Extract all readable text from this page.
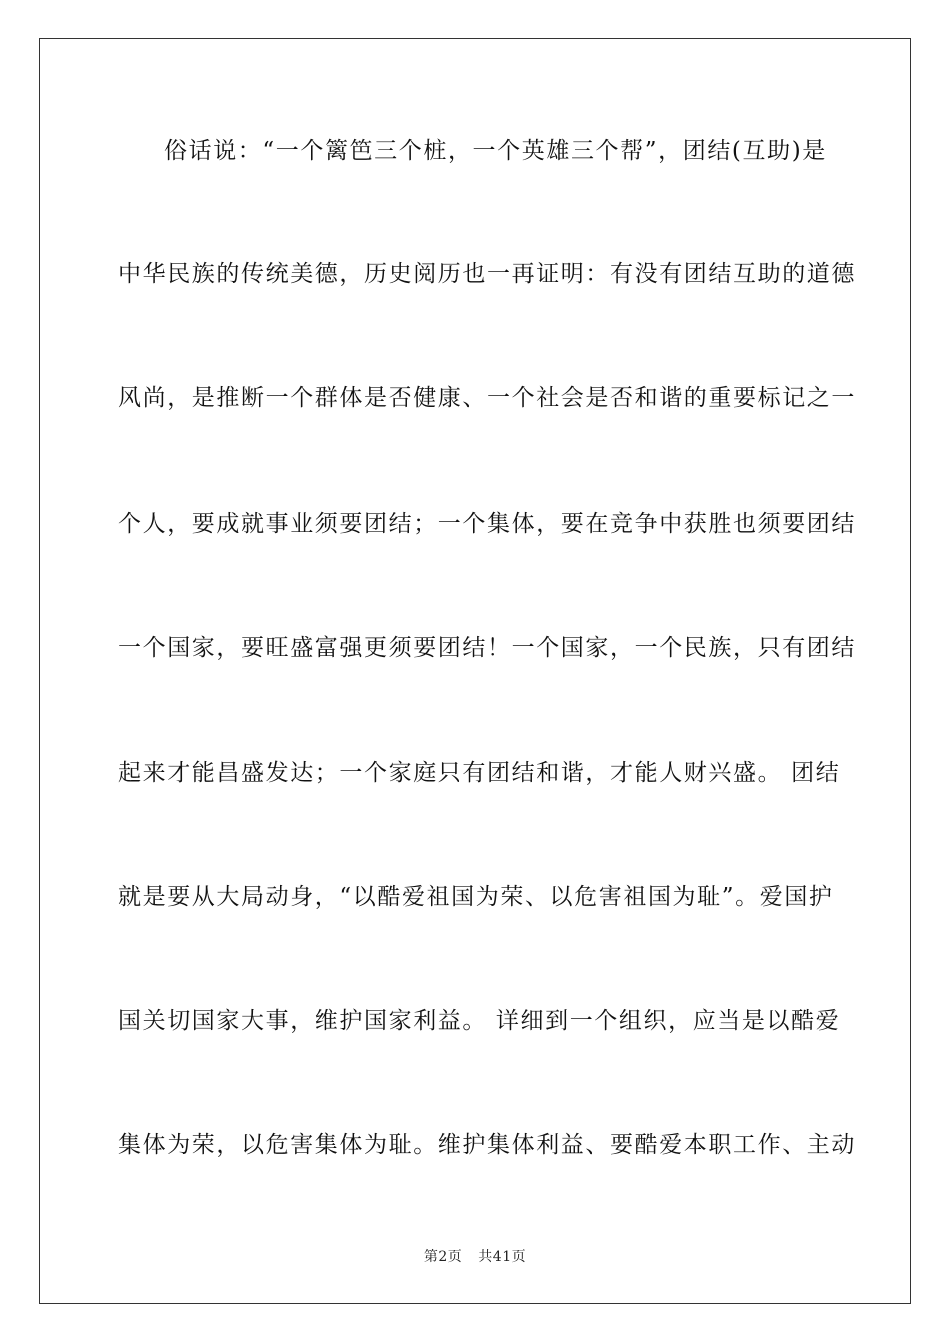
俗话说：“一个篱笆三个桩，一个英雄三个帮”，团结(互助)是
中华民族的传统美德，历史阅历也一再证明：有没有团结互助的道德
风尚，是推断一个群体是否健康、一个社会是否和谐的重要标记之一
个人，要成就事业须要团结；一个集体，要在竞争中获胜也须要团结
一个国家，要旺盛富强更须要团结！一个国家，一个民族，只有团结
起来才能昌盛发达；一个家庭只有团结和谐，才能人财兴盛。 团结
就是要从大局动身，“以酷爱祖国为荣、以危害祖国为耻”。爱国护
国关切国家大事，维护国家利益。 详细到一个组织，应当是以酷爱
集体为荣，以危害集体为耻。维护集体利益、要酷爱本职工作、主动
第2页 共41页
